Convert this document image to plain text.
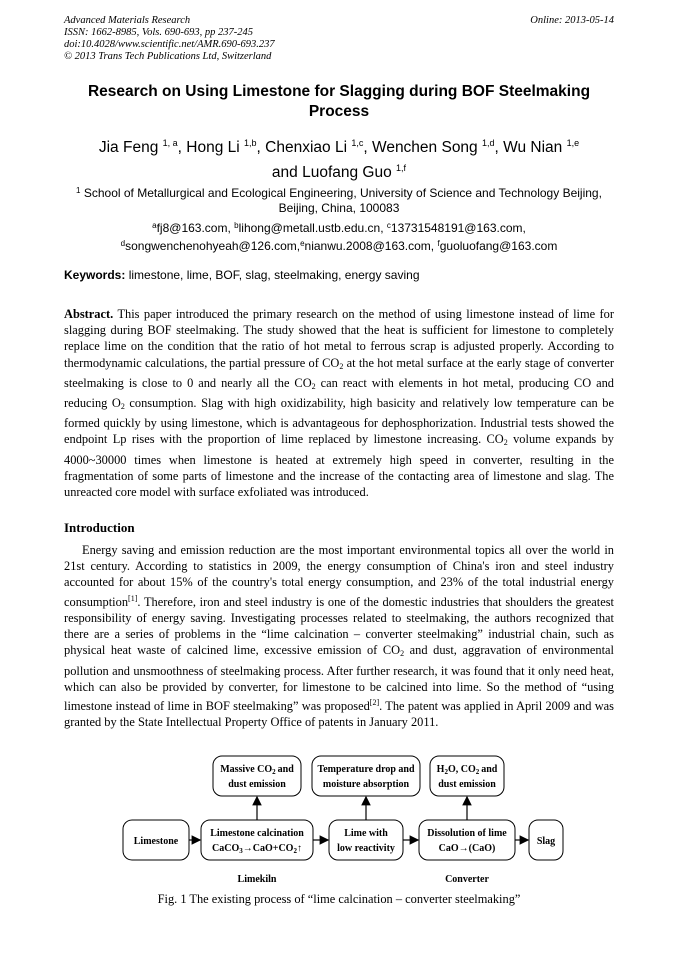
Advanced Materials Research
ISSN: 1662-8985, Vols. 690-693, pp 237-245
doi:10.4028/www.scientific.net/AMR.690-693.237
© 2013 Trans Tech Publications Ltd, Switzerland
Online: 2013-05-14
Research on Using Limestone for Slagging during BOF Steelmaking Process
Jia Feng $^{1, a}$, Hong Li $^{1,b}$, Chenxiao Li $^{1,c}$, Wenchen Song $^{1,d}$, Wu Nian $^{1,e}$
and Luofang Guo $^{1,f}$
$^1$ School of Metallurgical and Ecological Engineering, University of Science and Technology Beijing, Beijing, China, 100083
$^a$fj8@163.com, $^b$lihong@metall.ustb.edu.cn, $^c$13731548191@163.com,
$^d$songwenchenohyeah@126.com,$^e$nianwu.2008@163.com, $^f$guoluofang@163.com
Keywords: limestone, lime, BOF, slag, steelmaking, energy saving
Abstract. This paper introduced the primary research on the method of using limestone instead of lime for slagging during BOF steelmaking. The study showed that the heat is sufficient for limestone to completely replace lime on the condition that the ratio of hot metal to ferrous scrap is adjusted properly. According to thermodynamic calculations, the partial pressure of $CO_2$ at the hot metal surface at the early stage of converter steelmaking is close to 0 and nearly all the $CO_2$ can react with elements in hot metal, producing CO and reducing $O_2$ consumption. Slag with high oxidizability, high basicity and relatively low temperature can be formed quickly by using limestone, which is advantageous for dephosphorization. Industrial tests showed the endpoint Lp rises with the proportion of lime replaced by limestone increasing. $CO_2$ volume expands by 4000~30000 times when limestone is heated at extremely high speed in converter, resulting in the fragmentation of some parts of limestone and the increase of the contacting area of limestone and slag. The unreacted core model with surface exfoliated was introduced.
Introduction
Energy saving and emission reduction are the most important environmental topics all over the world in 21st century. According to statistics in 2009, the energy consumption of China's iron and steel industry accounted for about 15% of the country's total energy consumption, and 23% of the total industrial energy consumption[1]. Therefore, iron and steel industry is one of the domestic industries that shoulders the greatest responsibility of energy saving. Investigating processes related to steelmaking, the authors recognized that there are a series of problems in the “lime calcination – converter steelmaking” industrial chain, such as physical heat waste of calcined lime, excessive emission of $CO_2$ and dust, aggravation of environmental pollution and unsmoothness of steelmaking process. After further research, it was found that it only need heat, which can also be provided by converter, for limestone to be calcined into lime. So the method of “using limestone instead of lime in BOF steelmaking” was proposed[2]. The patent was applied in April 2009 and was granted by the State Intellectual Property Office of patents in January 2011.
Massive $CO_2$ and
dust emission
Temperature drop and
moisture absorption
$H_2O$, $CO_2$ and
dust emission
Limestone
Limestone calcination
$CaCO_3\to CaO+CO_2↑$
Lime with
low reactivity
Dissolution of lime
CaO→(CaO)
Slag
Limekiln	Converter
Fig. 1 The existing process of “lime calcination – converter steelmaking”
